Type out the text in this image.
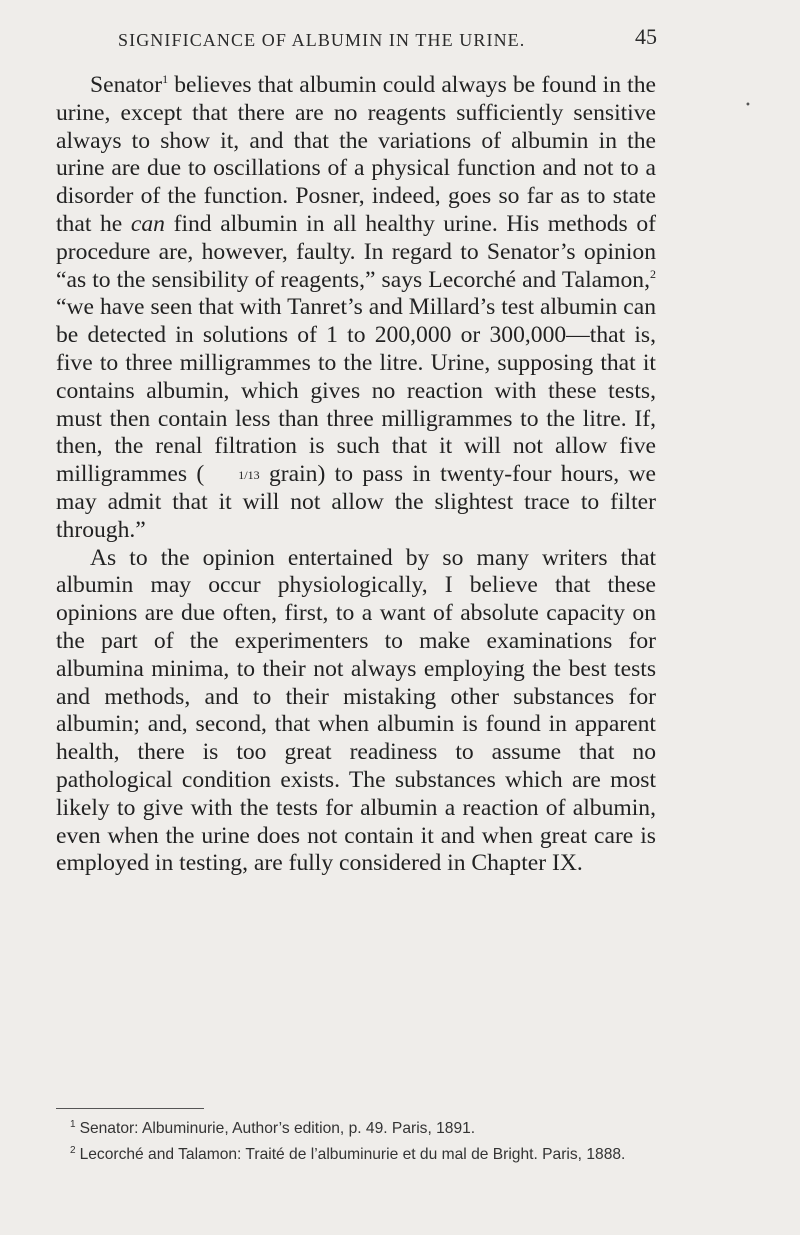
SIGNIFICANCE OF ALBUMIN IN THE URINE.	45
•

Senator$^1$ believes that albumin could always be found in the urine, except that there are no reagents sufficiently sensitive always to show it, and that the variations of albumin in the urine are due to oscillations of a physical function and not to a disorder of the function. Posner, indeed, goes so far as to state that he can find albumin in all healthy urine. His methods of procedure are, however, faulty. In regard to Senator’s opinion “as to the sensibility of reagents,” says Lecorché and Talamon,$^2$ “we have seen that with Tanret’s and Millard’s test albumin can be detected in solutions of 1 to 200,000 or 300,000—that is, five to three milligrammes to the litre. Urine, supposing that it contains albumin, which gives no reaction with these tests, must then contain less than three milligrammes to the litre. If, then, the renal filtration is such that it will not allow five milligrammes (	1/13 grain) to pass in twenty-four hours, we may admit that it will not allow the slightest trace to filter through.”

As to the opinion entertained by so many writers that albumin may occur physiologically, I believe that these opinions are due often, first, to a want of absolute capacity on the part of the experimenters to make examinations for albumina minima, to their not always employing the best tests and methods, and to their mistaking other substances for albumin; and, second, that when albumin is found in apparent health, there is too great readiness to assume that no pathological condition exists. The substances which are most likely to give with the tests for albumin a reaction of albumin, even when the urine does not contain it and when great care is employed in testing, are fully considered in Chapter IX.

$^1$ Senator: Albuminurie, Author’s edition, p. 49. Paris, 1891.

$^2$ Lecorché and Talamon: Traité de l’albuminurie et du mal de Bright. Paris, 1888.
